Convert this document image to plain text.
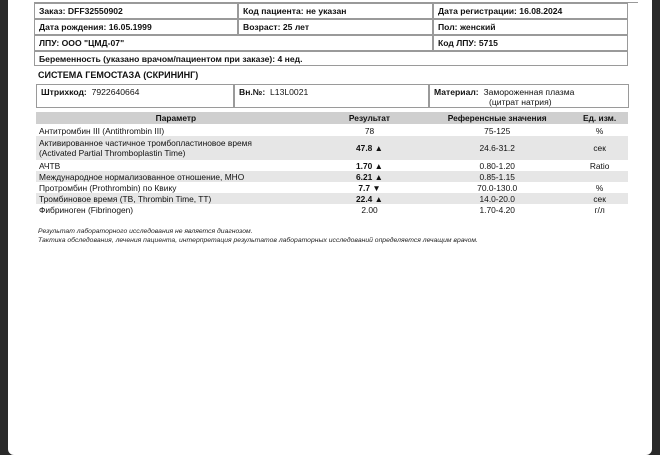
Заказ: DFF32550902	Код пациента: не указан	Дата регистрации: 16.08.2024
Дата рождения: 16.05.1999	Возраст: 25 лет	Пол: женский
ЛПУ: ООО "ЦМД-07"	Код ЛПУ: 5715
Беременность (указано врачом/пациентом при заказе): 4 нед.
СИСТЕМА ГЕМОСТАЗА (СКРИНИНГ)
Штрихкод: 7922640664	Вн.№: L13L0021	Материал: Замороженная плазма
(цитрат натрия)
Параметр	Результат	Референсные значения	Ед. изм.
Антитромбин III (Antithrombin III)	78	75-125	%
Активированное частичное тромбопластиновое время
(Activated Partial Thromboplastin Time)	47.8 ▲	24.6-31.2	сек
АЧТВ	1.70 ▲	0.80-1.20	Ratio
Международное нормализованное отношение, МНО	6.21 ▲	0.85-1.15	
Протромбин (Prothrombin) по Квику	7.7 ▼	70.0-130.0	%
Тромбиновое время (ТВ, Thrombin Time, TT)	22.4 ▲	14.0-20.0	сек
Фибриноген (Fibrinogen)	2.00	1.70-4.20	г/л
Результат лабораторного исследования не является диагнозом.
Тактика обследования, лечения пациента, интерпретация результатов лабораторных исследований определяется лечащим врачом.
